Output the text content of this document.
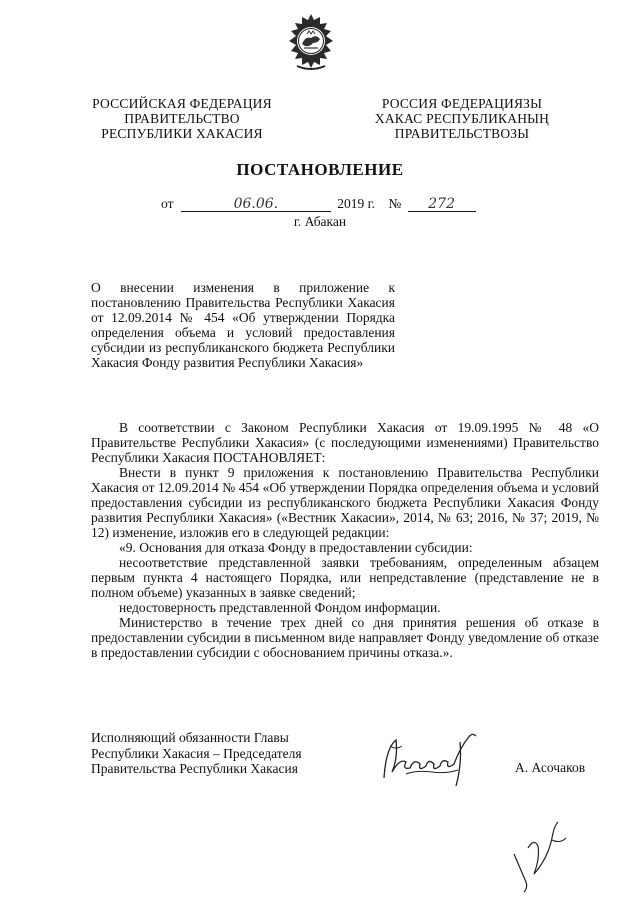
РОССИЙСКАЯ ФЕДЕРАЦИЯ
ПРАВИТЕЛЬСТВО
РЕСПУБЛИКИ ХАКАСИЯ
РОССИЯ ФЕДЕРАЦИЯЗЫ
ХАКАС РЕСПУБЛИКАНЫҢ
ПРАВИТЕЛЬСТВОЗЫ
ПОСТАНОВЛЕНИЕ
от	06.06.	2019 г. № 272
г. Абакан
О внесении изменения в приложение к постановлению Правительства Республики Хакасия от 12.09.2014 № 454 «Об утверждении Порядка определения объема и условий предоставления субсидии из республиканского бюджета Республики Хакасия Фонду развития Республики Хакасия»

В соответствии с Законом Республики Хакасия от 19.09.1995 № 48 «О Правительстве Республики Хакасия» (с последующими изменениями) Правительство Республики Хакасия ПОСТАНОВЛЯЕТ:

Внести в пункт 9 приложения к постановлению Правительства Республики Хакасия от 12.09.2014 № 454 «Об утверждении Порядка определения объема и условий предоставления субсидии из республиканского бюджета Республики Хакасия Фонду развития Республики Хакасия» («Вестник Хакасии», 2014, № 63; 2016, № 37; 2019, № 12) изменение, изложив его в следующей редакции:

«9. Основания для отказа Фонду в предоставлении субсидии:

несоответствие представленной заявки требованиям, определенным абзацем первым пункта 4 настоящего Порядка, или непредставление (представление не в полном объеме) указанных в заявке сведений;

недостоверность представленной Фондом информации.

Министерство в течение трех дней со дня принятия решения об отказе в предоставлении субсидии в письменном виде направляет Фонду уведомление об отказе в предоставлении субсидии с обоснованием причины отказа.».

Исполняющий обязанности Главы
Республики Хакасия – Председателя
Правительства Республики Хакасия	А. Асочаков
